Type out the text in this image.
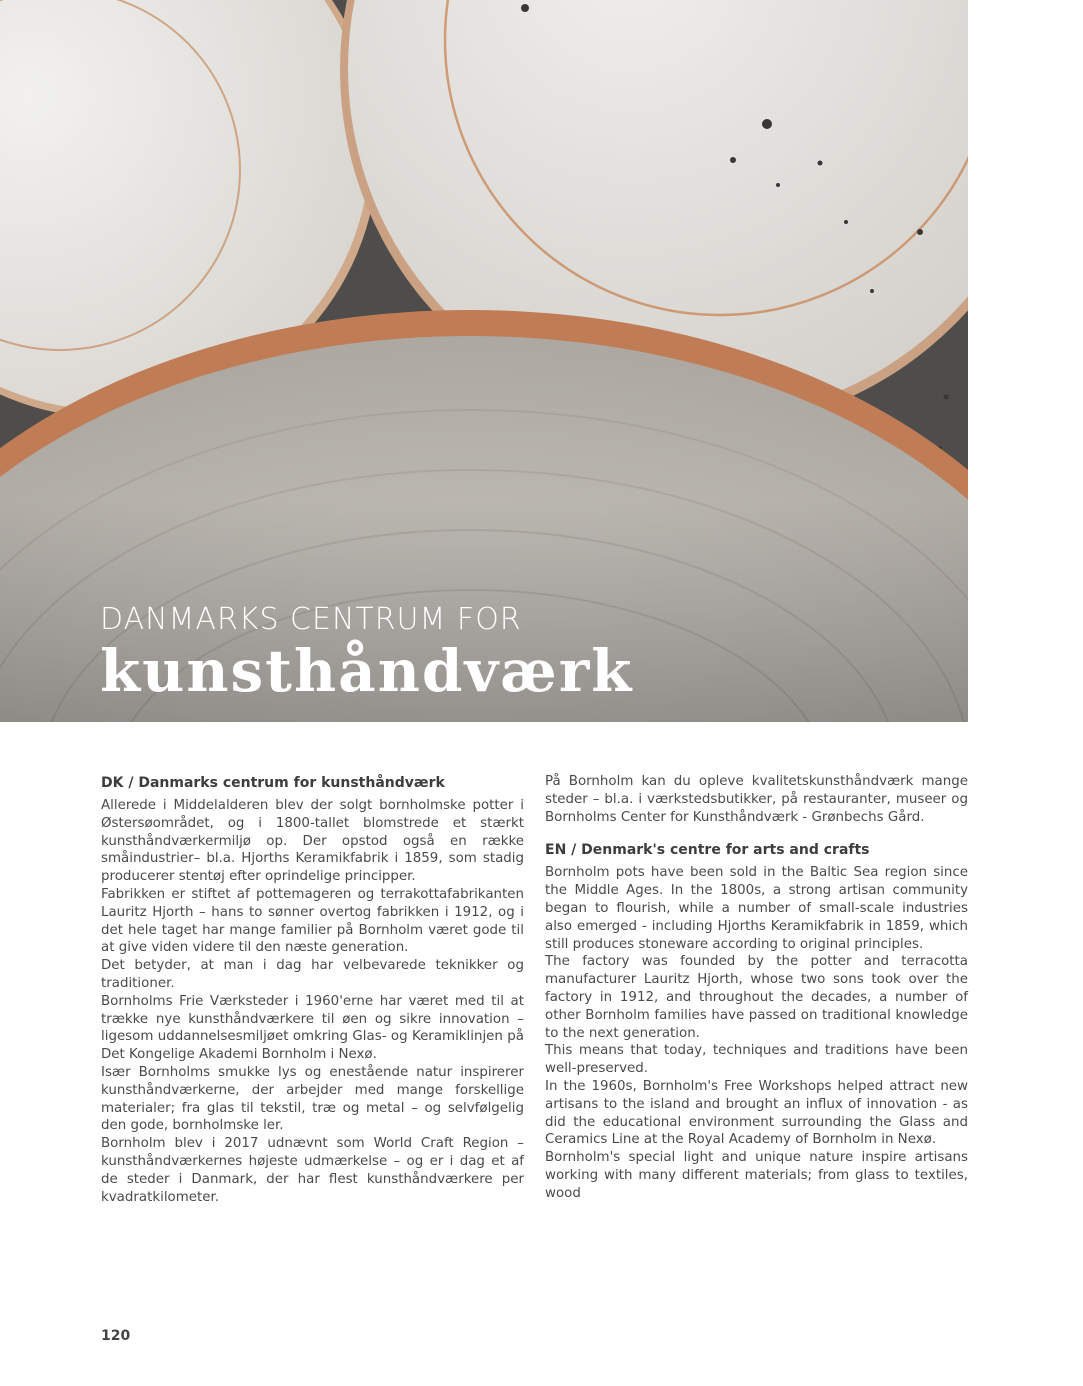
DANMARKS CENTRUM FOR
kunsthåndværk
DK / Danmarks centrum for kunsthåndværk

Allerede i Middelalderen blev der solgt bornholmske potter i Østersøområdet, og i 1800-tallet blomstrede et stærkt kunsthåndværkermiljø op. Der opstod også en række småindustrier– bl.a. Hjorths Keramikfabrik i 1859, som stadig producerer stentøj efter oprindelige principper.

Fabrikken er stiftet af pottemageren og terrakottafabrikanten Lauritz Hjorth – hans to sønner overtog fabrikken i 1912, og i det hele taget har mange familier på Bornholm været gode til at give viden videre til den næste generation.

Det betyder, at man i dag har velbevarede teknikker og traditioner.

Bornholms Frie Værksteder i 1960'erne har været med til at trække nye kunsthåndværkere til øen og sikre innovation – ligesom uddannelsesmiljøet omkring Glas- og Keramiklinjen på Det Kongelige Akademi Bornholm i Nexø.

Især Bornholms smukke lys og enestående natur inspirerer kunsthåndværkerne, der arbejder med mange forskellige materialer; fra glas til tekstil, træ og metal – og selvfølgelig den gode, bornholmske ler.

Bornholm blev i 2017 udnævnt som World Craft Region – kunsthåndværkernes højeste udmærkelse – og er i dag et af de steder i Danmark, der har flest kunsthåndværkere per kvadratkilometer.

På Bornholm kan du opleve kvalitetskunsthåndværk mange steder – bl.a. i værkstedsbutikker, på restauranter, museer og Bornholms Center for Kunsthåndværk - Grønbechs Gård.

EN / Denmark's centre for arts and crafts

Bornholm pots have been sold in the Baltic Sea region since the Middle Ages. In the 1800s, a strong artisan community began to flourish, while a number of small-scale industries also emerged - including Hjorths Keramikfabrik in 1859, which still produces stoneware according to original principles.

The factory was founded by the potter and terracotta manufacturer Lauritz Hjorth, whose two sons took over the factory in 1912, and throughout the decades, a number of other Bornholm families have passed on traditional knowledge to the next generation.

This means that today, techniques and traditions have been well-preserved.

In the 1960s, Bornholm's Free Workshops helped attract new artisans to the island and brought an influx of innovation - as did the educational environment surrounding the Glass and Ceramics Line at the Royal Academy of Bornholm in Nexø.

Bornholm's special light and unique nature inspire artisans working with many different materials; from glass to textiles, wood

120
